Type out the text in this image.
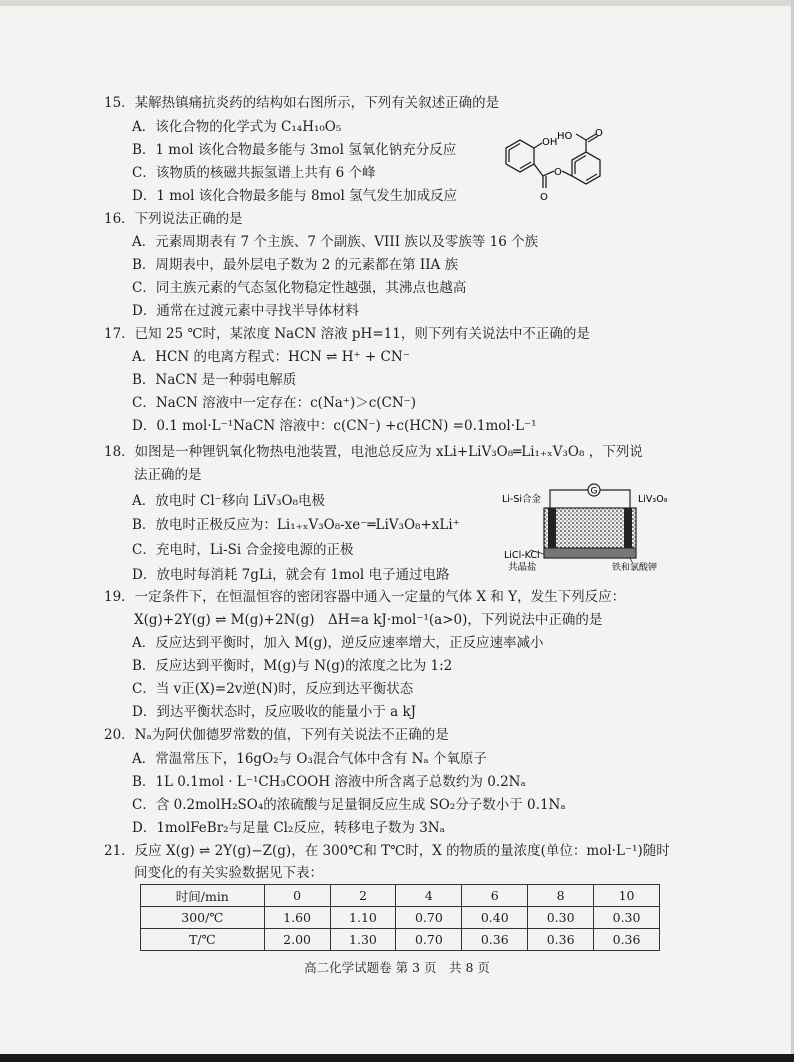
15．某解热镇痛抗炎药的结构如右图所示，下列有关叙述正确的是
A．该化合物的化学式为 C₁₄H₁₀O₅
B．1 mol 该化合物最多能与 3mol 氢氧化钠充分反应
C．该物质的核磁共振氢谱上共有 6 个峰
D．1 mol 该化合物最多能与 8mol 氢气发生加成反应
OH
HO O
O
O
16．下列说法正确的是
A．元素周期表有 7 个主族、7 个副族、VIII 族以及零族等 16 个族
B．周期表中，最外层电子数为 2 的元素都在第 IIA 族
C．同主族元素的气态氢化物稳定性越强，其沸点也越高
D．通常在过渡元素中寻找半导体材料
17．已知 25 ℃时，某浓度 NaCN 溶液 pH=11，则下列有关说法中不正确的是
A．HCN 的电离方程式：HCN ⇌ H⁺ + CN⁻
B．NaCN 是一种弱电解质
C．NaCN 溶液中一定存在：c(Na⁺)＞c(CN⁻)
D．0.1 mol·L⁻¹NaCN 溶液中：c(CN⁻) +c(HCN) =0.1mol·L⁻¹
18．如图是一种锂钒氧化物热电池装置，电池总反应为 xLi+LiV₃O₈═Li₁₊ₓV₃O₈ ，下列说
法正确的是
A．放电时 Cl⁻移向 LiV₃O₈电极
B．放电时正极反应为：Li₁₊ₓV₃O₈-xe⁻═LiV₃O₈+xLi⁺
C．充电时，Li-Si 合金接电源的正极
D．放电时每消耗 7gLi，就会有 1mol 电子通过电路
G
Li-Si合金	LiV₃O₈
LiCl-KCl
共晶盐	铁和氯酸钾
19．一定条件下，在恒温恒容的密闭容器中通入一定量的气体 X 和 Y，发生下列反应：
X(g)+2Y(g) ⇌ M(g)+2N(g)　ΔH=a kJ·mol⁻¹(a>0)，下列说法中正确的是
A．反应达到平衡时，加入 M(g)，逆反应速率增大，正反应速率减小
B．反应达到平衡时，M(g)与 N(g)的浓度之比为 1:2
C．当 v正(X)=2v逆(N)时，反应到达平衡状态
D．到达平衡状态时，反应吸收的能量小于 a kJ
20．Nₐ为阿伏伽德罗常数的值，下列有关说法不正确的是
A．常温常压下，16gO₂与 O₃混合气体中含有 Nₐ 个氧原子
B．1L 0.1mol · L⁻¹CH₃COOH 溶液中所含离子总数约为 0.2Nₐ
C．含 0.2molH₂SO₄的浓硫酸与足量铜反应生成 SO₂分子数小于 0.1Nₐ
D．1molFeBr₂与足量 Cl₂反应，转移电子数为 3Nₐ
21．反应 X(g) ⇌ 2Y(g)−Z(g)，在 300℃和 T℃时，X 的物质的量浓度(单位：mol·L⁻¹)随时
间变化的有关实验数据见下表：
时间/min	0	2	4	6	8	10
300/℃	1.60	1.10	0.70	0.40	0.30	0.30
T/℃	2.00	1.30	0.70	0.36	0.36	0.36
高二化学试题卷 第 3 页　共 8 页
